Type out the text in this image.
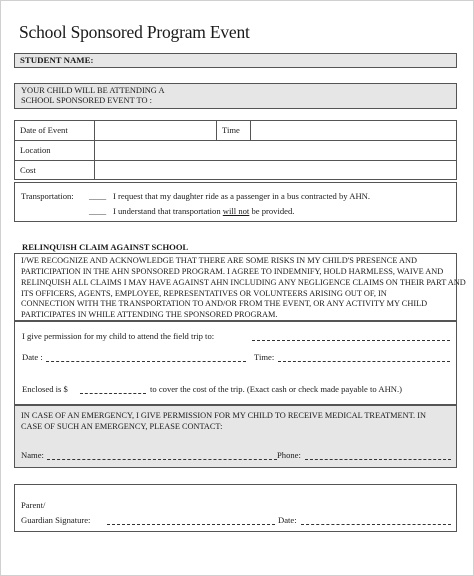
School Sponsored Program Event
STUDENT NAME:
YOUR CHILD WILL BE ATTENDING A
SCHOOL SPONSORED EVENT TO :
Date of Event	Time
Location
Cost
Transportation: ____ I request that my daughter ride as a passenger in a bus contracted by AHN.
____ I understand that transportation will not be provided.
RELINQUISH CLAIM AGAINST SCHOOL
I/WE RECOGNIZE AND ACKNOWLEDGE THAT THERE ARE SOME RISKS IN MY CHILD'S PRESENCE AND
PARTICIPATION IN THE AHN SPONSORED PROGRAM. I AGREE TO INDEMNIFY, HOLD HARMLESS, WAIVE AND
RELINQUISH ALL CLAIMS I MAY HAVE AGAINST AHN INCLUDING ANY NEGLIGENCE CLAIMS ON THEIR PART AND
ITS OFFICERS, AGENTS, EMPLOYEE, REPRESENTATIVES OR VOLUNTEERS ARISING OUT OF, IN
CONNECTION WITH THE TRANSPORTATION TO AND/OR FROM THE EVENT, OR ANY ACTIVITY MY CHILD
PARTICIPATES IN WHILE ATTENDING THE SPONSORED PROGRAM.
I give permission for my child to attend the field trip to:
Date :	Time:
Enclosed is $	to cover the cost of the trip. (Exact cash or check made payable to AHN.)
IN CASE OF AN EMERGENCY, I GIVE PERMISSION FOR MY CHILD TO RECEIVE MEDICAL TREATMENT. IN
CASE OF SUCH AN EMERGENCY, PLEASE CONTACT:
Name:	Phone:
Parent/
Guardian Signature:	Date:
